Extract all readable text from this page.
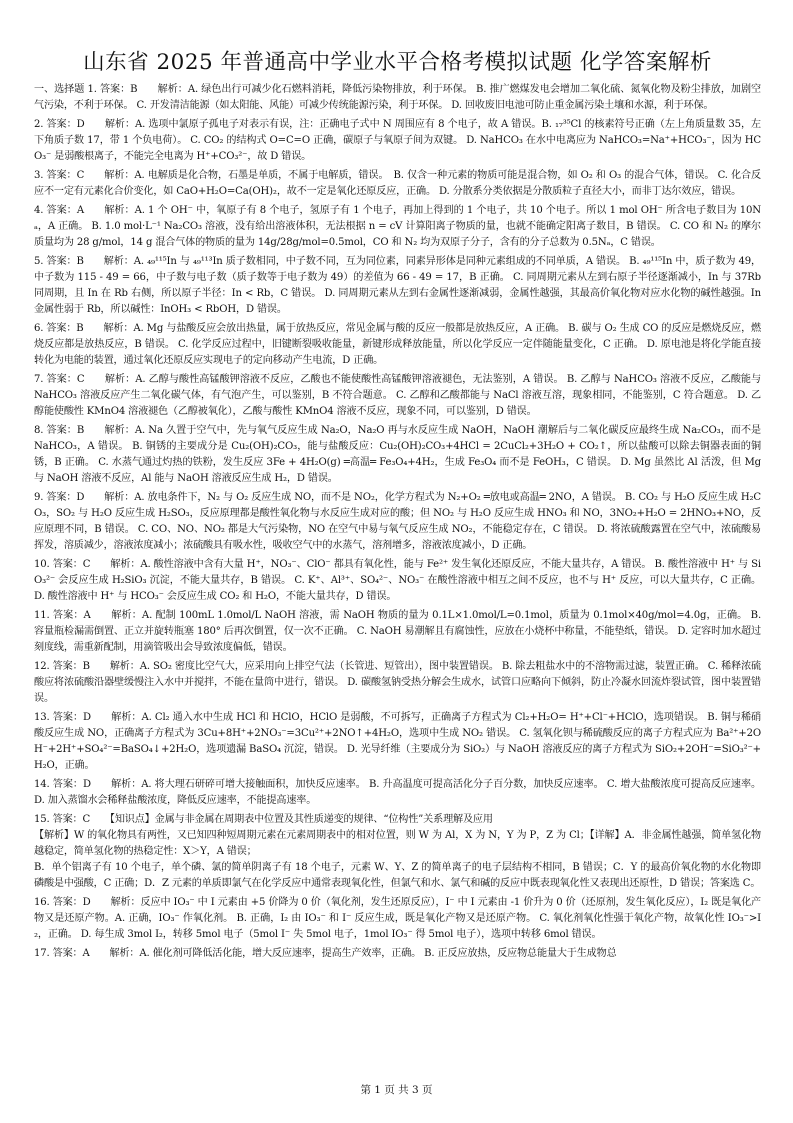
山东省 2025 年普通高中学业水平合格考模拟试题 化学答案解析

一、选择题 1. 答案：B　　解析：A. 绿色出行可减少化石燃料消耗，降低污染物排放，利于环保。 B. 推广燃煤发电会增加二氧化硫、氮氧化物及粉尘排放，加剧空气污染，不利于环保。 C. 开发清洁能源（如太阳能、风能）可减少传统能源污染，利于环保。 D. 回收废旧电池可防止重金属污染土壤和水源，利于环保。

2. 答案：D　　解析：A. 选项中氯原子孤电子对表示有误，注：正确电子式中 N 周围应有 8 个电子，故 A 错误。B. ₁₇³⁵Cl 的核素符号正确（左上角质量数 35，左下角质子数 17，带 1 个负电荷）。 C. CO₂ 的结构式 O=C=O 正确，碳原子与氧原子间为双键。 D. NaHCO₃ 在水中电离应为 NaHCO₃=Na⁺+HCO₃⁻，因为 HCO₃⁻ 是弱酸根离子，不能完全电离为 H⁺+CO₃²⁻，故 D 错误。

3. 答案：C　　解析：A. 电解质是化合物，石墨是单质，不属于电解质，错误。　B. 仅含一种元素的物质可能是混合物，如 O₂ 和 O₃ 的混合气体，错误。 C. 化合反应不一定有元素化合价变化，如 CaO+H₂O=Ca(OH)₂，故不一定是氧化还原反应，正确。 D. 分散系分类依据是分散质粒子直径大小，而非丁达尔效应，错误。

4. 答案：A　　解析：A. 1 个 OH⁻ 中，氧原子有 8 个电子，氢原子有 1 个电子，再加上得到的 1 个电子，共 10 个电子。所以 1 mol OH⁻ 所含电子数目为 10Nₐ，A 正确。 B. 1.0 mol·L⁻¹ Na₂CO₃ 溶液，没有给出溶液体积，无法根据 n = cV 计算阳离子物质的量，也就不能确定阳离子数目，B 错误。 C. CO 和 N₂ 的摩尔质量均为 28 g/mol，14 g 混合气体的物质的量为 14g/28g/mol=0.5mol，CO 和 N₂ 均为双原子分子，含有的分子总数为 0.5Nₐ，C 错误。

5. 答案：B　　解析：A. ₄₉¹¹⁵In 与 ₄₉¹¹³In 质子数相同，中子数不同，互为同位素，同素异形体是同种元素组成的不同单质，A 错误。 B. ₄₉¹¹⁵In 中，质子数为 49，中子数为 115 - 49 = 66，中子数与电子数（质子数等于电子数为 49）的差值为 66 - 49 = 17，B 正确。 C. 同周期元素从左到右原子半径逐渐减小，In 与 37Rb 同周期，且 In 在 Rb 右侧，所以原子半径：In < Rb，C 错误。 D. 同周期元素从左到右金属性逐渐减弱，金属性越强，其最高价氧化物对应水化物的碱性越强。In 金属性弱于 Rb，所以碱性：InOH₃ < RbOH，D 错误。

6. 答案：B　　解析：A. Mg 与盐酸反应会放出热量，属于放热反应，常见金属与酸的反应一般都是放热反应，A 正确。 B. 碳与 O₂ 生成 CO 的反应是燃烧反应，燃烧反应都是放热反应，B 错误。 C. 化学反应过程中，旧键断裂吸收能量，新键形成释放能量，所以化学反应一定伴随能量变化，C 正确。 D. 原电池是将化学能直接转化为电能的装置，通过氧化还原反应实现电子的定向移动产生电流，D 正确。

7. 答案：C　　解析：A. 乙醇与酸性高锰酸钾溶液不反应，乙酸也不能使酸性高锰酸钾溶液褪色，无法鉴别，A 错误。 B. 乙醇与 NaHCO₃ 溶液不反应，乙酸能与 NaHCO₃ 溶液反应产生二氧化碳气体，有气泡产生，可以鉴别，B 不符合题意。 C. 乙醇和乙酸都能与 NaCl 溶液互溶，现象相同，不能鉴别，C 符合题意。 D. 乙醇能使酸性 KMnO4 溶液褪色（乙醇被氧化），乙酸与酸性 KMnO4 溶液不反应，现象不同，可以鉴别，D 错误。

8. 答案：B　　解析：A. Na 久置于空气中，先与氧气反应生成 Na₂O，Na₂O 再与水反应生成 NaOH，NaOH 潮解后与二氧化碳反应最终生成 Na₂CO₃，而不是 NaHCO₃，A 错误。 B. 铜锈的主要成分是 Cu₂(OH)₂CO₃，能与盐酸反应：Cu₂(OH)₂CO₃+4HCl = 2CuCl₂+3H₂O + CO₂↑，所以盐酸可以除去铜器表面的铜锈，B 正确。 C. 水蒸气通过灼热的铁粉，发生反应 3Fe + 4H₂O(g) ═高温═ Fe₃O₄+4H₂，生成 Fe₃O₄ 而不是 FeOH₃，C 错误。 D. Mg 虽然比 Al 活泼，但 Mg 与 NaOH 溶液不反应，Al 能与 NaOH 溶液反应生成 H₂，D 错误。

9. 答案：D　　解析：A. 放电条件下，N₂ 与 O₂ 反应生成 NO，而不是 NO₂，化学方程式为 N₂+O₂ ═放电或高温═ 2NO，A 错误。 B. CO₂ 与 H₂O 反应生成 H₂CO₃，SO₂ 与 H₂O 反应生成 H₂SO₃，反应原理都是酸性氧化物与水反应生成对应的酸；但 NO₂ 与 H₂O 反应生成 HNO₃ 和 NO，3NO₂+H₂O = 2HNO₃+NO，反应原理不同，B 错误。 C. CO、NO、NO₂ 都是大气污染物，NO 在空气中易与氧气反应生成 NO₂，不能稳定存在，C 错误。 D. 将浓硫酸露置在空气中，浓硫酸易挥发，溶质减少，溶液浓度减小；浓硫酸具有吸水性，吸收空气中的水蒸气，溶剂增多，溶液浓度减小，D 正确。

10. 答案：C　　解析：A. 酸性溶液中含有大量 H⁺，NO₃⁻、ClO⁻ 都具有氧化性，能与 Fe²⁺ 发生氧化还原反应，不能大量共存，A 错误。 B. 酸性溶液中 H⁺ 与 SiO₃²⁻ 会反应生成 H₂SiO₃ 沉淀，不能大量共存，B 错误。 C. K⁺、Al³⁺、SO₄²⁻、NO₃⁻ 在酸性溶液中相互之间不反应，也不与 H⁺ 反应，可以大量共存，C 正确。 D. 酸性溶液中 H⁺ 与 HCO₃⁻ 会反应生成 CO₂ 和 H₂O，不能大量共存，D 错误。

11. 答案：A　　解析：A. 配制 100mL 1.0mol/L NaOH 溶液，需 NaOH 物质的量为 0.1L×1.0mol/L=0.1mol，质量为 0.1mol×40g/mol=4.0g，正确。 B. 容量瓶检漏需倒置、正立并旋转瓶塞 180° 后再次倒置，仅一次不正确。 C. NaOH 易潮解且有腐蚀性，应放在小烧杯中称量，不能垫纸，错误。 D. 定容时加水超过刻度线，需重新配制，用滴管吸出会导致浓度偏低，错误。

12. 答案：B　　解析：A. SO₂ 密度比空气大，应采用向上排空气法（长管进、短管出），图中装置错误。 B. 除去粗盐水中的不溶物需过滤，装置正确。 C. 稀释浓硫酸应将浓硫酸沿器壁缓慢注入水中并搅拌，不能在量筒中进行，错误。 D. 碳酸氢钠受热分解会生成水，试管口应略向下倾斜，防止冷凝水回流炸裂试管，图中装置错误。

13. 答案：D　　解析：A. Cl₂ 通入水中生成 HCl 和 HClO，HClO 是弱酸，不可拆写，正确离子方程式为 Cl₂+H₂O= H⁺+Cl⁻+HClO，选项错误。 B. 铜与稀硝酸反应生成 NO，正确离子方程式为 3Cu+8H⁺+2NO₃⁻=3Cu²⁺+2NO↑+4H₂O，选项中生成 NO₂ 错误。 C. 氢氧化钡与稀硫酸反应的离子方程式应为 Ba²⁺+2OH⁻+2H⁺+SO₄²⁻=BaSO₄↓+2H₂O，选项遗漏 BaSO₄ 沉淀，错误。 D. 光导纤维（主要成分为 SiO₂）与 NaOH 溶液反应的离子方程式为 SiO₂+2OH⁻=SiO₃²⁻+H₂O，正确。

14. 答案：D　　解析：A. 将大理石研碎可增大接触面积，加快反应速率。 B. 升高温度可提高活化分子百分数，加快反应速率。 C. 增大盐酸浓度可提高反应速率。 D. 加入蒸馏水会稀释盐酸浓度，降低反应速率，不能提高速率。

15. 答案：C　　【知识点】金属与非金属在周期表中位置及其性质递变的规律、“位构性”关系理解及应用

【解析】W 的氧化物具有两性，又已知四种短周期元素在元素周期表中的相对位置，则 W 为 Al，X 为 N，Y 为 P，Z 为 Cl；【详解】A．非金属性越强，简单氢化物越稳定，简单氢化物的热稳定性：X＞Y，A 错误；

B．单个铝离子有 10 个电子，单个磷、氯的简单阴离子有 18 个电子，元素 W、Y、Z 的简单离子的电子层结构不相同，B 错误；C．Y 的最高价氧化物的水化物即磷酸是中强酸，C 正确；D．Z 元素的单质即氯气在化学反应中通常表现氧化性，但氯气和水、氯气和碱的反应中既表现氧化性又表现出还原性，D 错误；答案选 C。

16. 答案：D　　解析：反应中 IO₃⁻ 中 I 元素由 +5 价降为 0 价（氧化剂，发生还原反应），I⁻ 中 I 元素由 -1 价升为 0 价（还原剂，发生氧化反应），I₂ 既是氧化产物又是还原产物。A. 正确，IO₃⁻ 作氧化剂。 B. 正确，I₂ 由 IO₃⁻ 和 I⁻ 反应生成，既是氧化产物又是还原产物。 C. 氧化剂氧化性强于氧化产物，故氧化性 IO₃⁻>I₂，正确。 D. 每生成 3mol I₂，转移 5mol 电子（5mol I⁻ 失 5mol 电子，1mol IO₃⁻ 得 5mol 电子），选项中转移 6mol 错误。

17. 答案：A　　解析：A. 催化剂可降低活化能，增大反应速率，提高生产效率，正确。 B. 正反应放热，反应物总能量大于生成物总

第 1 页 共 3 页
